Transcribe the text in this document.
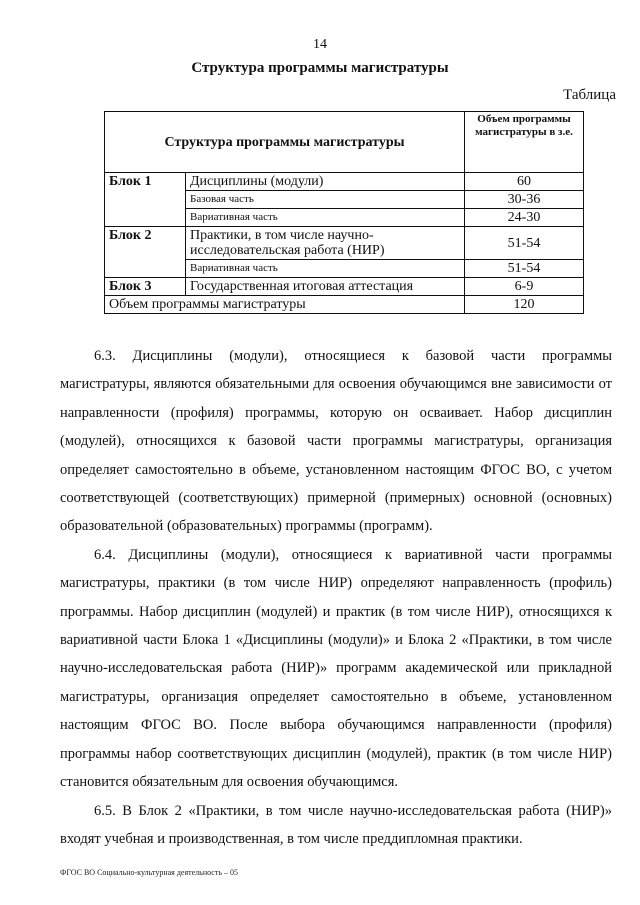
14
Структура программы магистратуры
Таблица
Структура программы магистратуры		Объем программы магистратуры в з.е.
Блок 1	Дисциплины (модули)	60
	Базовая часть	30-36
	Вариативная часть	24-30
Блок 2	Практики, в том числе научно-исследовательская работа (НИР)	51-54
	Вариативная часть	51-54
Блок 3	Государственная итоговая аттестация	6-9
Объем программы магистратуры		120

6.3. Дисциплины (модули), относящиеся к базовой части программы магистратуры, являются обязательными для освоения обучающимся вне зависимости от направленности (профиля) программы, которую он осваивает. Набор дисциплин (модулей), относящихся к базовой части программы магистратуры, организация определяет самостоятельно в объеме, установленном настоящим ФГОС ВО, с учетом соответствующей (соответствующих) примерной (примерных) основной (основных) образовательной (образовательных) программы (программ).

6.4. Дисциплины (модули), относящиеся к вариативной части программы магистратуры, практики (в том числе НИР) определяют направленность (профиль) программы. Набор дисциплин (модулей) и практик (в том числе НИР), относящихся к вариативной части Блока 1 «Дисциплины (модули)» и Блока 2 «Практики, в том числе научно-исследовательская работа (НИР)» программ академической или прикладной магистратуры, организация определяет самостоятельно в объеме, установленном настоящим ФГОС ВО. После выбора обучающимся направленности (профиля) программы набор соответствующих дисциплин (модулей), практик (в том числе НИР) становится обязательным для освоения обучающимся.

6.5. В Блок 2 «Практики, в том числе научно-исследовательская работа (НИР)» входят учебная и производственная, в том числе преддипломная практики.

ФГОС ВО Социально-культурная деятельность – 05
